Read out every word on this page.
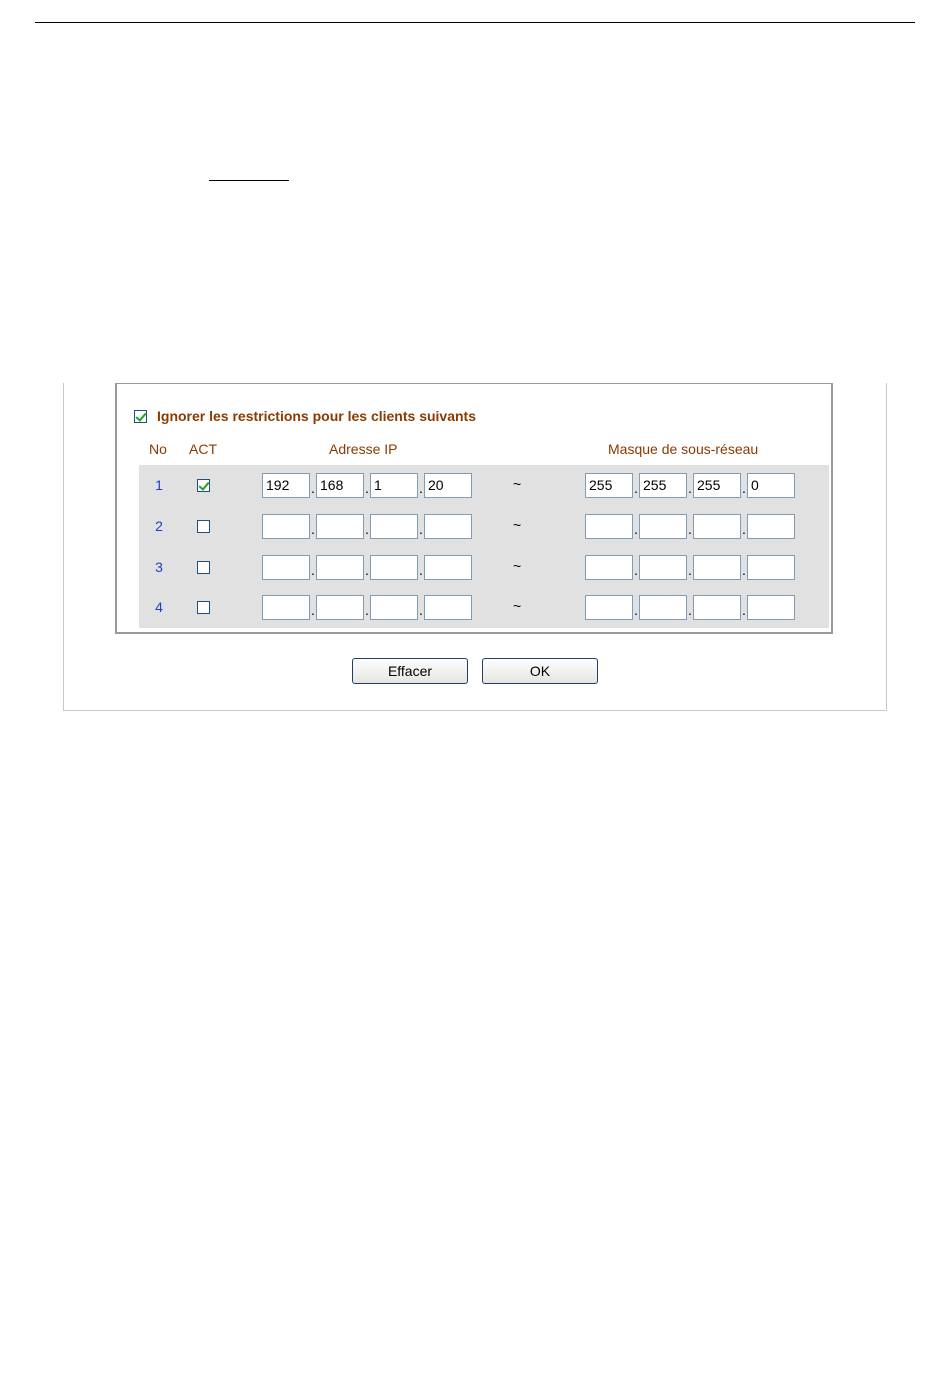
Ignorer les restrictions pour les clients suivants
No ACT	Adresse IP	Masque de sous-réseau
1	192	. 168	. 1	. 20	~	255	. 255	. 255	. 0
2	.	.	.	~	.	.	.
3	.	.	.	~	.	.	.
4	.	.	.	~	.	.	.
Effacer	OK
